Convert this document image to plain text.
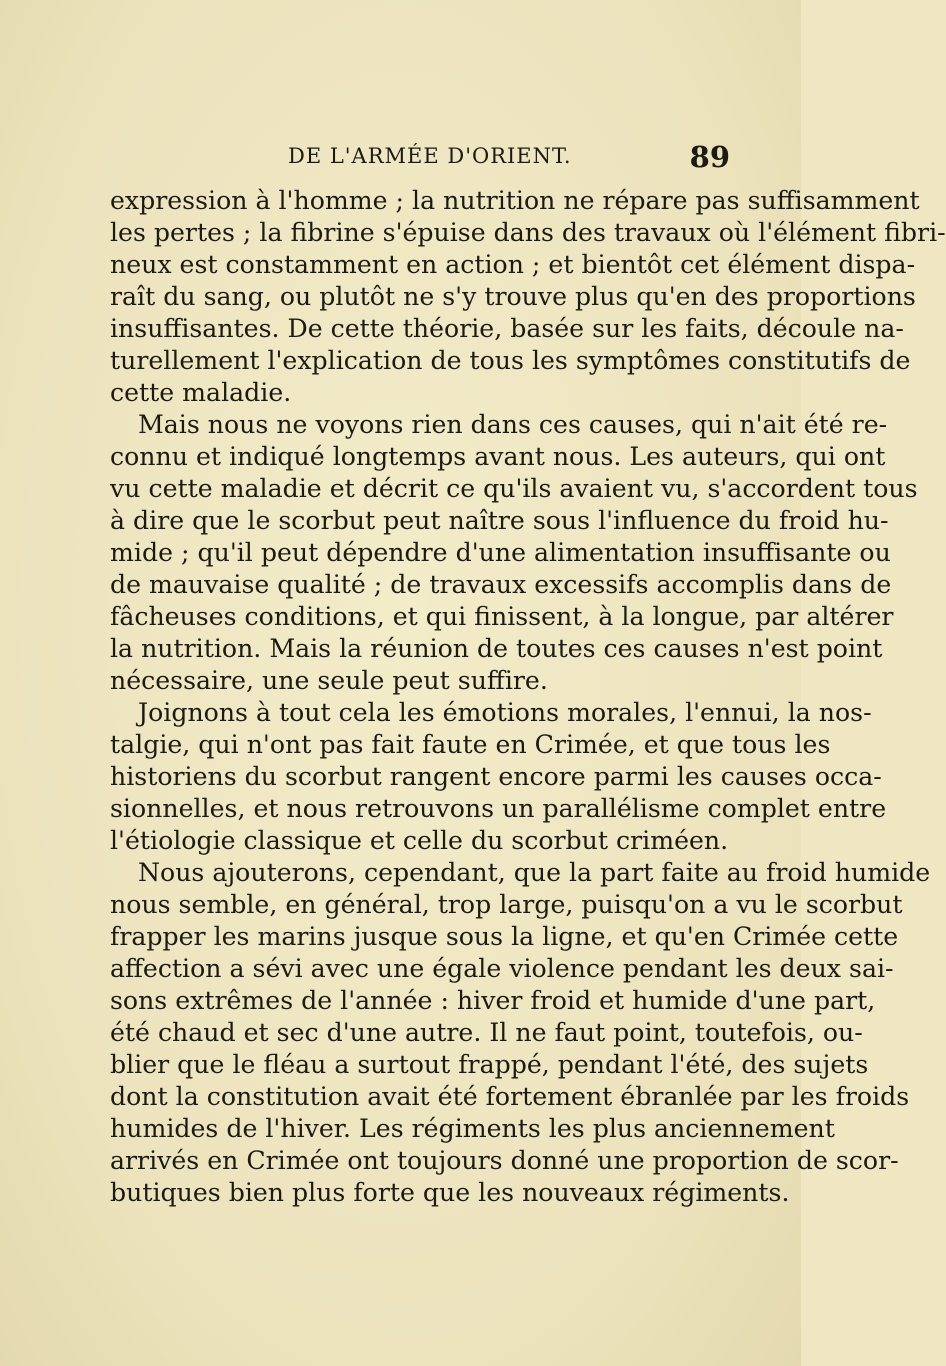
DE L'ARMÉE D'ORIENT.	89

expression à l'homme ; la nutrition ne répare pas suffisamment
les pertes ; la fibrine s'épuise dans des travaux où l'élément fibri-
neux est constamment en action ; et bientôt cet élément dispa-
raît du sang, ou plutôt ne s'y trouve plus qu'en des proportions
insuffisantes. De cette théorie, basée sur les faits, découle na-
turellement l'explication de tous les symptômes constitutifs de
cette maladie.

Mais nous ne voyons rien dans ces causes, qui n'ait été re-
connu et indiqué longtemps avant nous. Les auteurs, qui ont
vu cette maladie et décrit ce qu'ils avaient vu, s'accordent tous
à dire que le scorbut peut naître sous l'influence du froid hu-
mide ; qu'il peut dépendre d'une alimentation insuffisante ou
de mauvaise qualité ; de travaux excessifs accomplis dans de
fâcheuses conditions, et qui finissent, à la longue, par altérer
la nutrition. Mais la réunion de toutes ces causes n'est point
nécessaire, une seule peut suffire.

Joignons à tout cela les émotions morales, l'ennui, la nos-
talgie, qui n'ont pas fait faute en Crimée, et que tous les
historiens du scorbut rangent encore parmi les causes occa-
sionnelles, et nous retrouvons un parallélisme complet entre
l'étiologie classique et celle du scorbut criméen.

Nous ajouterons, cependant, que la part faite au froid humide
nous semble, en général, trop large, puisqu'on a vu le scorbut
frapper les marins jusque sous la ligne, et qu'en Crimée cette
affection a sévi avec une égale violence pendant les deux sai-
sons extrêmes de l'année : hiver froid et humide d'une part,
été chaud et sec d'une autre. Il ne faut point, toutefois, ou-
blier que le fléau a surtout frappé, pendant l'été, des sujets
dont la constitution avait été fortement ébranlée par les froids
humides de l'hiver. Les régiments les plus anciennement
arrivés en Crimée ont toujours donné une proportion de scor-
butiques bien plus forte que les nouveaux régiments.
